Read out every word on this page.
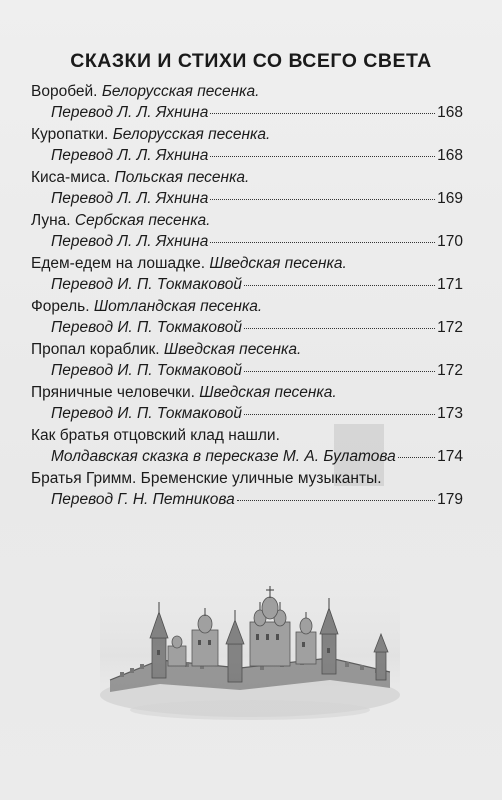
СКАЗКИ И СТИХИ СО ВСЕГО СВЕТА
Воробей. Белорусская песенка.
Перевод Л. Л. Яхнина	168
Куропатки. Белорусская песенка.
Перевод Л. Л. Яхнина	168
Киса-миса. Польская песенка.
Перевод Л. Л. Яхнина	169
Луна. Сербская песенка.
Перевод Л. Л. Яхнина	170
Едем-едем на лошадке. Шведская песенка.
Перевод И. П. Токмаковой	171
Форель. Шотландская песенка.
Перевод И. П. Токмаковой	172
Пропал кораблик. Шведская песенка.
Перевод И. П. Токмаковой	172
Пряничные человечки. Шведская песенка.
Перевод И. П. Токмаковой	173
Как братья отцовский клад нашли.
Молдавская сказка в пересказе М. А. Булатова	174
Братья Гримм. Бременские уличные музыканты.
Перевод Г. Н. Петникова	179
